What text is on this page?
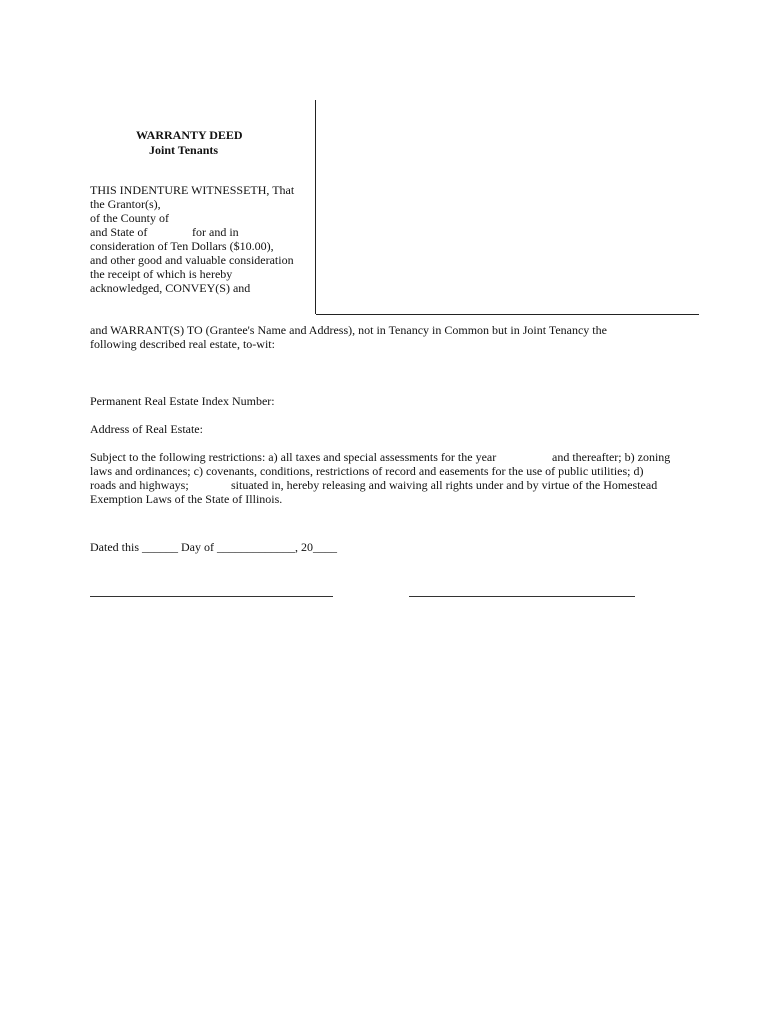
WARRANTY DEED
Joint Tenants
THIS INDENTURE WITNESSETH, That
the Grantor(s),
of the County of
and State of	for and in
consideration of Ten Dollars ($10.00),
and other good and valuable consideration
the receipt of which is hereby
acknowledged, CONVEY(S) and
and WARRANT(S) TO (Grantee's Name and Address), not in Tenancy in Common but in Joint Tenancy the
following described real estate, to-wit:
Permanent Real Estate Index Number:
Address of Real Estate:
Subject to the following restrictions: a) all taxes and special assessments for the year	and thereafter; b) zoning
laws and ordinances; c) covenants, conditions, restrictions of record and easements for the use of public utilities; d)
roads and highways;	situated in, hereby releasing and waiving all rights under and by virtue of the Homestead
Exemption Laws of the State of Illinois.
Dated this ______ Day of _____________, 20____
